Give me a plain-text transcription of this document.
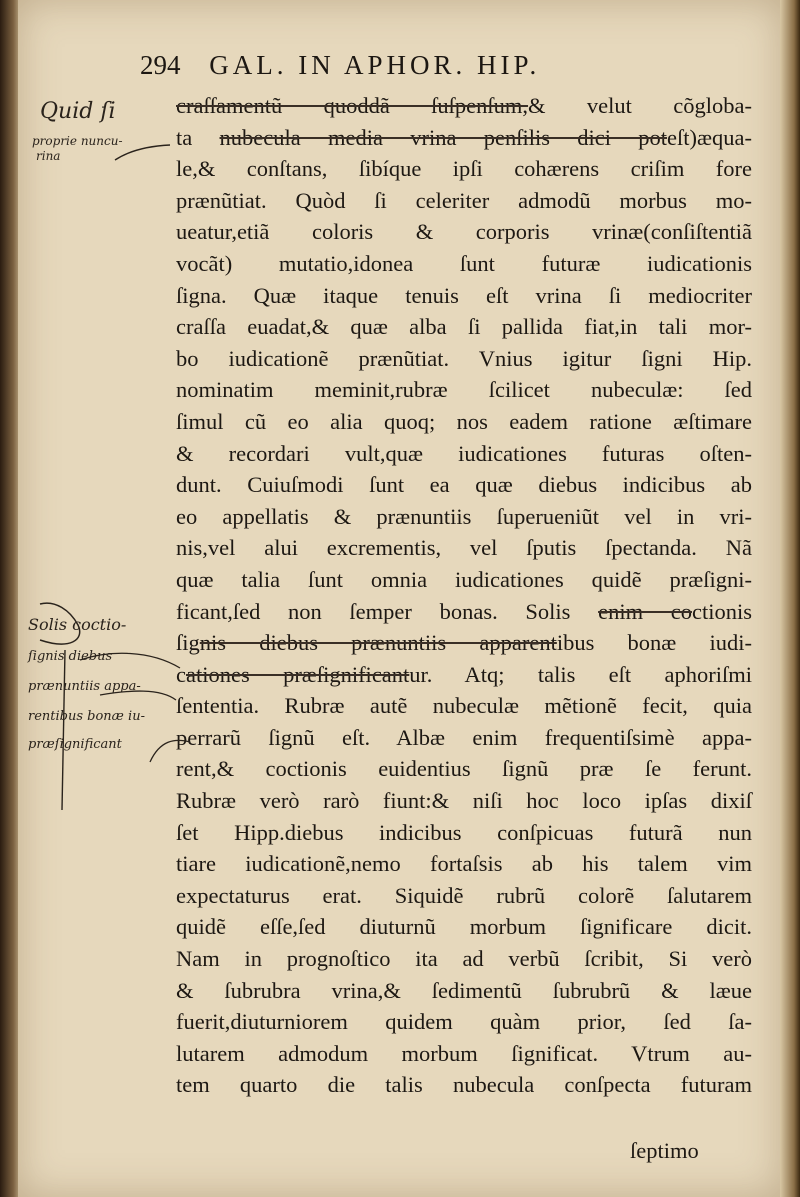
294 GAL. IN APHOR. HIP.
craſſamentũ quoddã ſuſpenſum,& velut cõgloba-
ta nubecula media vrina penſilis dici poteſt)æqua-
le,& conſtans, ſibíque ipſi cohærens criſim fore
prænũtiat. Quòd ſi celeriter admodũ morbus mo-
ueatur,etiã coloris & corporis vrinæ(conſiſtentiã
vocãt) mutatio,idonea ſunt futuræ iudicationis
ſigna. Quæ itaque tenuis eſt vrina ſi mediocriter
craſſa euadat,& quæ alba ſi pallida fiat,in tali mor-
bo iudicationẽ prænũtiat. Vnius igitur ſigni Hip.
nominatim meminit,rubræ ſcilicet nubeculæ: ſed
ſimul cũ eo alia quoq; nos eadem ratione æſtimare
& recordari vult,quæ iudicationes futuras oſten-
dunt. Cuiuſmodi ſunt ea quæ diebus indicibus ab
eo appellatis & prænuntiis ſuperueniũt vel in vri-
nis,vel alui excrementis, vel ſputis ſpectanda. Nã
quæ talia ſunt omnia iudicationes quidẽ præſigni-
ficant,ſed non ſemper bonas. Solis enim coctionis
ſignis diebus prænuntiis apparentibus bonæ iudi-
cationes præſignificantur. Atq; talis eſt aphoriſmi
ſententia. Rubræ autẽ nubeculæ mẽtionẽ fecit, quia
perrarũ ſignũ eſt. Albæ enim frequentiſsimè appa-
rent,& coctionis euidentius ſignũ præ ſe ferunt.
Rubræ verò rarò fiunt:& niſi hoc loco ipſas dixiſ
ſet Hipp.diebus indicibus conſpicuas futurã nun
tiare iudicationẽ,nemo fortaſsis ab his talem vim
expectaturus erat. Siquidẽ rubrũ colorẽ ſalutarem
quidẽ eſſe,ſed diuturnũ morbum ſignificare dicit.
Nam in prognoſtico ita ad verbũ ſcribit, Si verò
& ſubrubra vrina,& ſedimentũ ſubrubrũ & læue
fuerit,diuturniorem quidem quàm prior, ſed ſa-
lutarem admodum morbum ſignificat. Vtrum au-
tem quarto die talis nubecula conſpecta futuram
ſeptimo
Quid ſi
proprie nuncu-
rina
Solis coctio-
ſignis diebus
prænuntiis appa-
rentibus bonæ iu-
præſignificant
